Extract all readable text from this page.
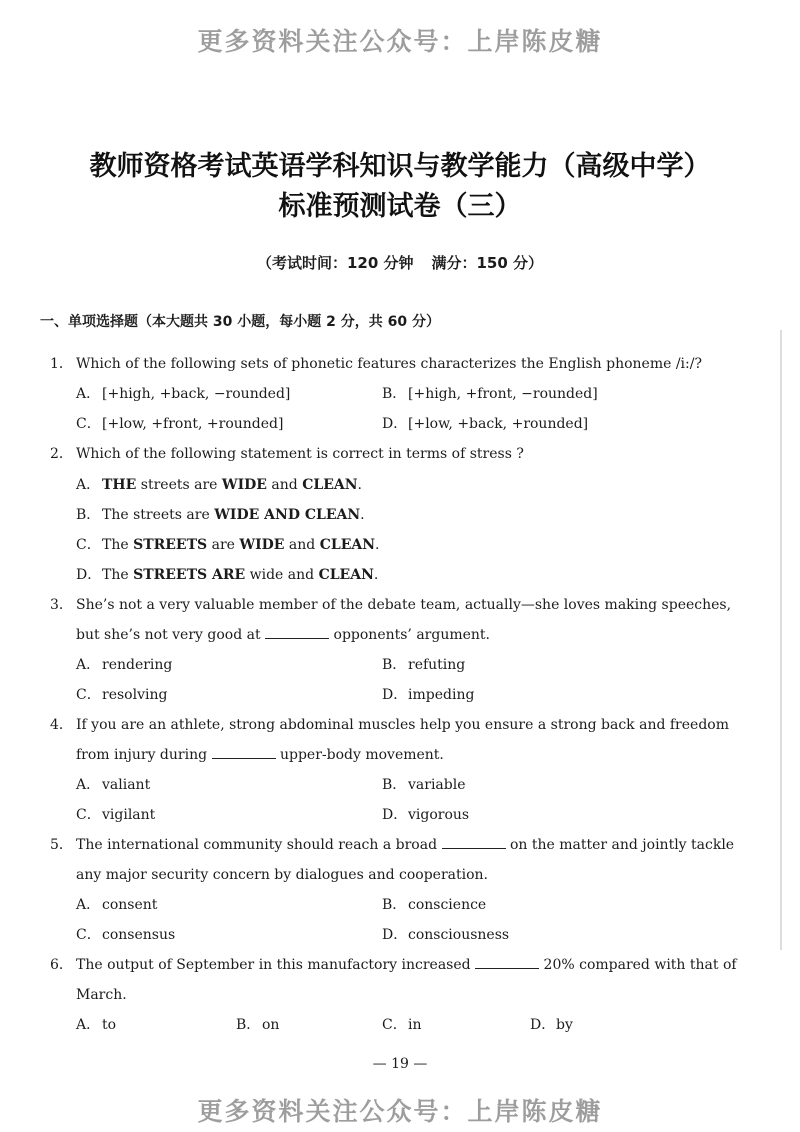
更多资料关注公众号：上岸陈皮糖
教师资格考试英语学科知识与教学能力（高级中学）
标准预测试卷（三）
（考试时间：120 分钟 满分：150 分）
一、单项选择题（本大题共 30 小题，每小题 2 分，共 60 分）
1． Which of the following sets of phonetic features characterizes the English phoneme /i:/?
A． [+high, +back, −rounded]	B． [+high, +front, −rounded]
C．[+low, +front, +rounded]	D．[+low, +back, +rounded]
2． Which of the following statement is correct in terms of stress ?
A． THE streets are WIDE and CLEAN.
B． The streets are WIDE AND CLEAN.
C．The STREETS are WIDE and CLEAN.
D．The STREETS ARE wide and CLEAN.
3． She’s not a very valuable member of the debate team, actually—she loves making speeches,
but she’s not very good at	opponents’ argument.
A． rendering	B． refuting
C．resolving	D．impeding
4． If you are an athlete, strong abdominal muscles help you ensure a strong back and freedom
from injury during	upper-body movement.
A． valiant	B． variable
C．vigilant	D．vigorous
5． The international community should reach a broad	on the matter and jointly tackle
any major security concern by dialogues and cooperation.
A． consent	B． conscience
C．consensus	D．consciousness
6． The output of September in this manufactory increased	20% compared with that of
March.
A． to	B． on	C．in	D．by
— 19 —
更多资料关注公众号：上岸陈皮糖
